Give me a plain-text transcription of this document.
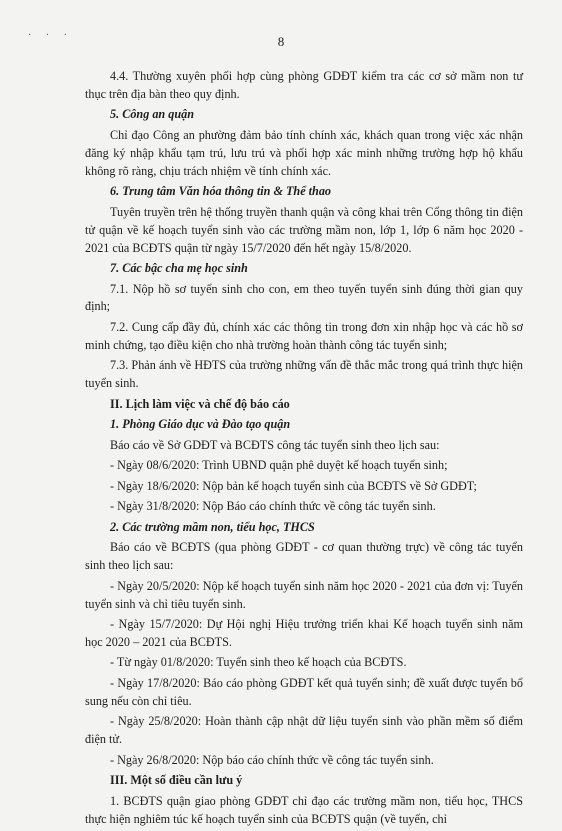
· · ·	8

4.4. Thường xuyên phối hợp cùng phòng GDĐT kiểm tra các cơ sở mầm non tư thục trên địa bàn theo quy định.

5. Công an quận

Chỉ đạo Công an phường đảm bảo tính chính xác, khách quan trong việc xác nhận đăng ký nhập khẩu tạm trú, lưu trú và phối hợp xác minh những trường hợp hộ khẩu không rõ ràng, chịu trách nhiệm về tính chính xác.

6. Trung tâm Văn hóa thông tin & Thể thao

Tuyên truyền trên hệ thống truyền thanh quận và công khai trên Cổng thông tin điện tử quận về kế hoạch tuyển sinh vào các trường mầm non, lớp 1, lớp 6 năm học 2020 - 2021 của BCĐTS quận từ ngày 15/7/2020 đến hết ngày 15/8/2020.

7. Các bậc cha mẹ học sinh

7.1. Nộp hồ sơ tuyển sinh cho con, em theo tuyến tuyển sinh đúng thời gian quy định;

7.2. Cung cấp đầy đủ, chính xác các thông tin trong đơn xin nhập học và các hồ sơ minh chứng, tạo điều kiện cho nhà trường hoàn thành công tác tuyển sinh;

7.3. Phản ánh về HĐTS của trường những vấn đề thắc mắc trong quá trình thực hiện tuyển sinh.

II. Lịch làm việc và chế độ báo cáo

1. Phòng Giáo dục và Đào tạo quận

Báo cáo về Sở GDĐT và BCĐTS công tác tuyển sinh theo lịch sau:

- Ngày 08/6/2020: Trình UBND quận phê duyệt kế hoạch tuyển sinh;

- Ngày 18/6/2020: Nộp bản kế hoạch tuyển sinh của BCĐTS về Sở GDĐT;

- Ngày 31/8/2020: Nộp Báo cáo chính thức về công tác tuyển sinh.

2. Các trường mầm non, tiểu học, THCS

Báo cáo về BCĐTS (qua phòng GDĐT - cơ quan thường trực) về công tác tuyển sinh theo lịch sau:

- Ngày 20/5/2020: Nộp kế hoạch tuyển sinh năm học 2020 - 2021 của đơn vị: Tuyến tuyển sinh và chỉ tiêu tuyển sinh.

- Ngày 15/7/2020: Dự Hội nghị Hiệu trưởng triển khai Kế hoạch tuyển sinh năm học 2020 – 2021 của BCĐTS.

- Từ ngày 01/8/2020: Tuyển sinh theo kế hoạch của BCĐTS.

- Ngày 17/8/2020: Báo cáo phòng GDĐT kết quả tuyển sinh; đề xuất được tuyển bổ sung nếu còn chỉ tiêu.

- Ngày 25/8/2020: Hoàn thành cập nhật dữ liệu tuyển sinh vào phần mềm số điểm điện tử.

- Ngày 26/8/2020: Nộp báo cáo chính thức về công tác tuyển sinh.

III. Một số điều cần lưu ý

1. BCĐTS quận giao phòng GDĐT chỉ đạo các trường mầm non, tiểu học, THCS thực hiện nghiêm túc kế hoạch tuyển sinh của BCĐTS quận (về tuyến, chỉ
